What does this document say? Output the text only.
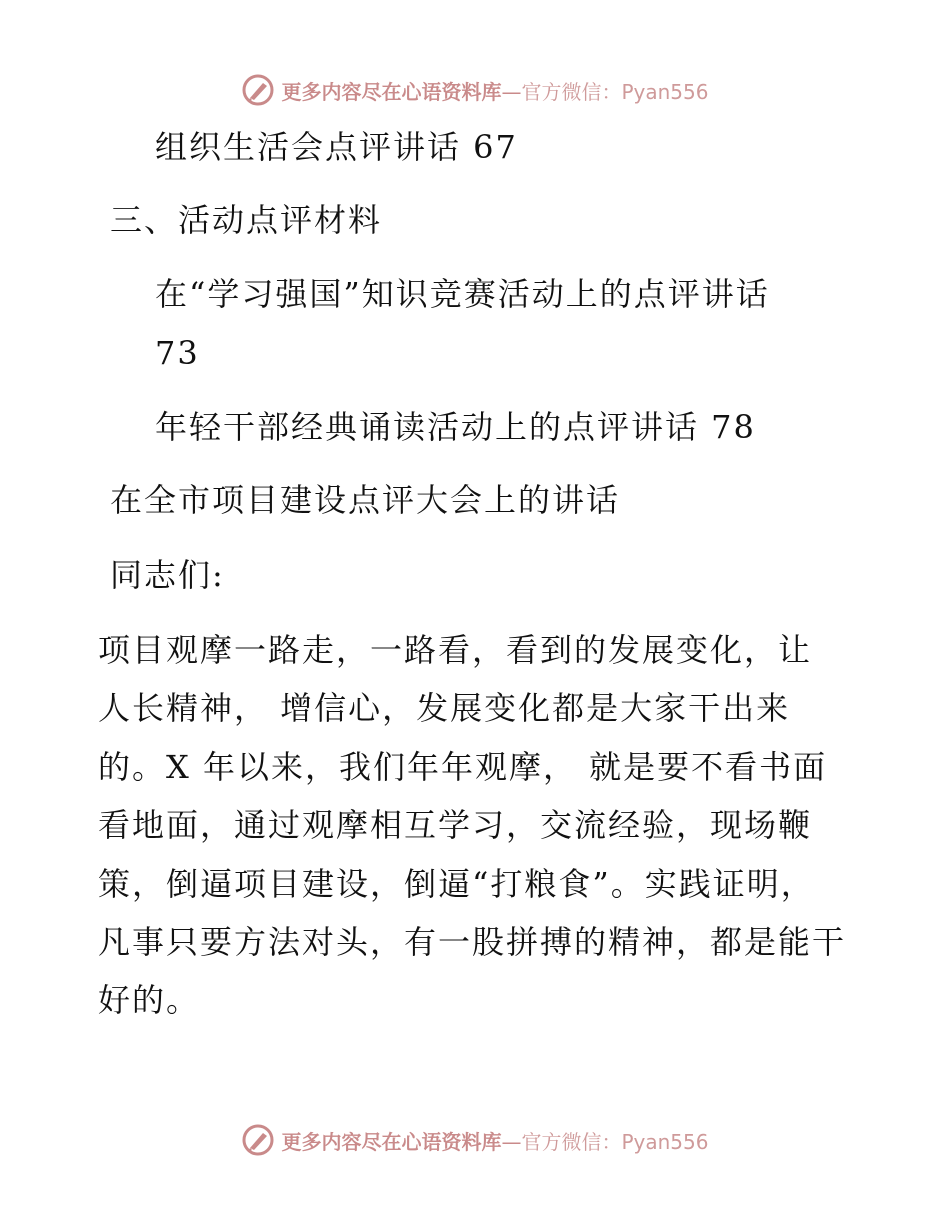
更多内容尽在心语资料库—官方微信：Pyan556
组织生活会点评讲话 67
三、活动点评材料
在“学习强国”知识竞赛活动上的点评讲话
73
年轻干部经典诵读活动上的点评讲话 78
在全市项目建设点评大会上的讲话
同志们:
项目观摩一路走，一路看，看到的发展变化，让
人长精神， 增信心，发展变化都是大家干出来
的。X 年以来，我们年年观摩， 就是要不看书面
看地面，通过观摩相互学习，交流经验，现场鞭
策，倒逼项目建设，倒逼“打粮食”。实践证明，
凡事只要方法对头，有一股拼搏的精神，都是能干
好的。
更多内容尽在心语资料库—官方微信：Pyan556
